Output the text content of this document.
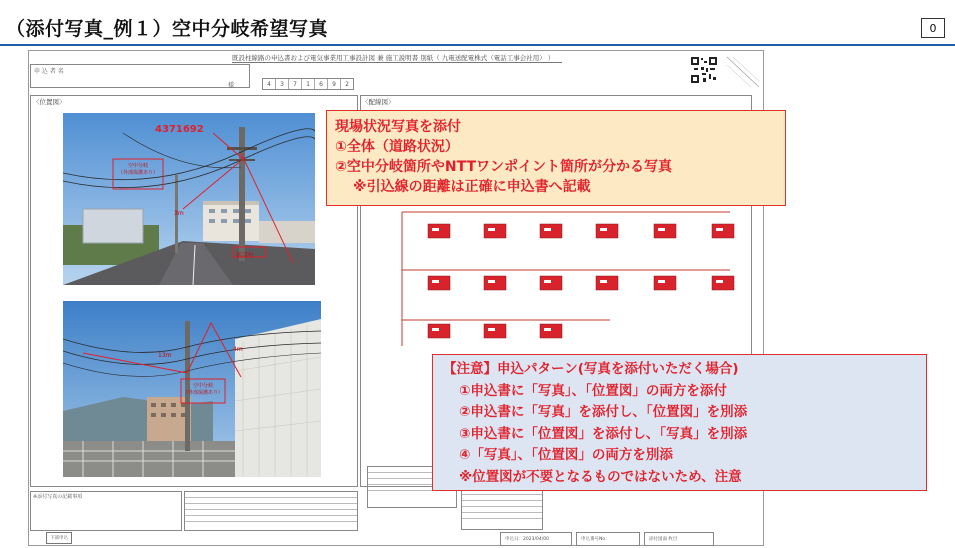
（添付写真_例１）空中分岐希望写真	0
既設柱線路の申込書および電気事業用工事設計図 兼 施工説明書 別紙（ 九電送配電株式（電話工事会社用） ）
申 込 者 名
様	4	3	7	1	6	9	2
〈位置図〉	〈配線図〉
空中分岐
（外部保護あり）
4371692
3m
新設柱
空中分岐
（外部保護あり）
13m
4m
※添付写真の記載事項
下部申込	申込日： 2023/04/00	申込番号No：	添付図面 枚目
現場状況写真を添付
①全体（道路状況）
②空中分岐箇所やNTTワンポイント箇所が分かる写真
※引込線の距離は正確に申込書へ記載
【注意】申込パターン(写真を添付いただく場合)
①申込書に「写真」、「位置図」の両方を添付
②申込書に「写真」を添付し、「位置図」を別添
③申込書に「位置図」を添付し、「写真」を別添
④「写真」、「位置図」の両方を別添
※位置図が不要となるものではないため、注意
